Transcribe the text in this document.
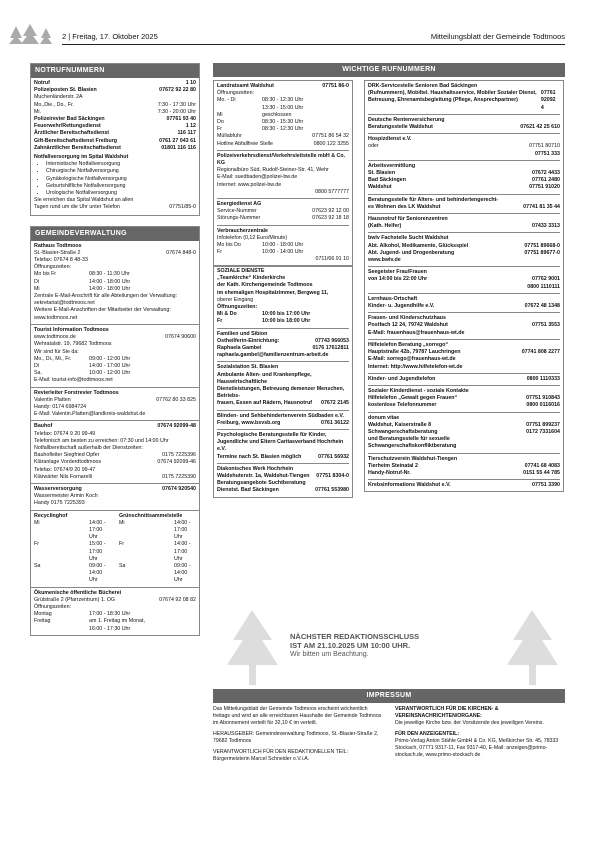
2 | Freitag, 17. Oktober 2025	Mitteilungsblatt der Gemeinde Todtmoos
NOTRUFNUMMERN
Notruf	1 10
Polizeiposten St. Blasien	07672 92 22 80
Muchenländerstr. 2A
Mo.,Die., Do., Fr.	7:30 - 17:30 Uhr
Mi.	7:30 - 20:00 Uhr
Polizeirevier Bad Säckingen	07761 93 40
Feuerwehr/Rettungsdienst	1 12
Ärztlicher Bereitschaftsdienst	116 117
Gift-Bereitschaftsdienst Freiburg	0761 27 043 61
Zahnärztlicher Bereitschaftsdienst	01801 116 116
Notfallversorgung im Spital Waldshut
• Internistische Notfallversorgung
• Chirurgische Notfallversorgung
• Gynäkologische Notfallversorgung
• Geburtshilfliche Notfallversorgung
• Urologische Notfallversorgung
Sie erreichen das Spital Waldshut an allen
Tagen rund um die Uhr unter Telefon	07751/85-0
GEMEINDEVERWALTUNG
Rathaus Todtmoos
St.-Blasier-Straße 2	07674 848-0
Telefax: 07674 8 48-33
Öffnungszeiten:
Mo bis Fr	08:30 - 11:30 Uhr
Di	14:00 - 18:00 Uhr
Mi	14:00 - 18:00 Uhr
Zentrale E-Mail-Anschrift für alle Abteilungen der Verwaltung: sekretariat@todtmoos.net
Weitere E-Mail-Anschriften der Mitarbeiter der Verwaltung: www.todtmoos.net
Tourist Information Todtmoos
www.todtmoos.de	07674 90600
Wehratalstr. 19, 79682 Todtmoos
Wir sind für Sie da:
Mo., Di., Mi., Fr.	09:00 - 12:00 Uhr
Di	14:00 - 17:00 Uhr
Sa.	10:00 - 12:00 Uhr
E-Mail: tourist-info@todtmoos.net
Revierleiter Forstrevier Todtmoos
Valentin Platten	07762 80 33 825
Handy: 0174 6984724
E-Mail: Valentin.Platten@landkreis-waldshut.de
Bauhof	07674 92099-48
Telefax: 07674 9 20 99-49
Telefonisch am besten zu erreichen: 07:30 und 14:00 Uhr
Notfallbereitschaft außerhalb der Dienstzeiten:
Bauhofleiter Siegfried Opfer	0175 7225396
Kläranlage Vorderdtodtmoos	07674 92099-46
Telefax: 07674/9 20 99-47
Klärwärter Nils Fornarelli	0175 7225390
Wasserversorgung	07674 920540
Wassermeister Armin Koch
Handy 0175 7225393
Recyclinghof
Mi	14:00 - 17:00 Uhr
Fr	15:00 - 17:00 Uhr
Sa	09:00 - 14:00 Uhr
Grünschnittsammelstelle
Mi	14:00 - 17:00 Uhr
Fr	14:00 - 17:00 Uhr
Sa	09:00 - 14:00 Uhr
Ökumenische öffentliche Bücherei
Grütstraße 2 (Pfarrzentrum) 1. OG	07674 92 08 82
Öffnungszeiten:
Montag	17:00 - 18:30 Uhr
Freitag	am 1. Freitag im Monat,
	16:00 - 17:30 Uhr
WICHTIGE RUFNUMMERN
Landratsamt Waldshut	07751 86-0
Öffnungszeiten:
Mo. - Di	08:30 - 12:30 Uhr
13:30 - 15:00 Uhr
Mi	geschlossen
Do	08:30 - 15:30 Uhr
Fr	08:30 - 12:30 Uhr
Müllabfuhr	07751 86 54 32
Hotline Abfallfreie Stelle	0800 122 3255
Polizeiverkehrsdienst/Verkehrsleitstelle mbH & Co. KG
Regionalbüro Süd, Rudolf-Steiner-Str. 41, Wehr
E-Mail: suedbaden@polizei-bw.de
Internet: www.polizei-bw.de
0800 5777777
Energiedienst AG
Service-Nummer	07623 92 12 00
Störungs-Nummer	07623 92 18 18
Verbraucherzentrale
Infotelefon (0,12 Euro/Minute)
Mo bis Do	10:00 - 18:00 Uhr
Fr	10:00 - 14:00 Uhr
0711/66 91 10
SOZIALE DIENSTE
„Teamkirche“ Kinderkirche
der Kath. Kirchengemeinde Todtmoos
im ehemaligen Hospitalzimmer, Bergweg 11,
oberer Eingang
Öffnungszeiten:
Mi & Do	10:00 bis 17:00 Uhr
Fr	10:00 bis 18:00 Uhr
Familien und Sibion
Ostheilferin-Einrichtung:	07743 966053
Raphaela Gambel	0176 17612811
raphaela.gambel@familienzentrum-arbeit.de
Sozialstation St. Blasien
Ambulante Alten- und Krankenpflege, Hauswirtschaftliche
Dienstleistungen, Betreuung demenzer Menschen, Betriebs-
frauen, Essen auf Rädern, Hausnotruf 07672 2145
Blinden- und Sehbehindertenverein Südbaden e.V.
Freiburg, www.bsvsb.org	0761 36122
Psychologische Beratungsstelle für Kinder,
Jugendliche und Eltern Caritasverband Hochrhein e.V.
Termine nach St. Blasien möglich	07761 56932
Diakonisches Werk Hochrhein
Waldshuterstr. 1a, Waldshut-Tiengen 07751 8304-0
Beratungsangebote Suchtberatung
Dienstst. Bad Säckingen	07761 553980
DRK-Servicestelle Senioren Bad Säckingen
(Rufnummern), Mobiltel. Haushaltsservice, Mobiler Sozialer Dienst, Betreuung, Ehrenamtsbegleitung (Pflege, Ansprechpartner)
07761 92092 4
Deutsche Rentenversicherung
Beratungsstelle Waldshut	07621 42 25 610
Hospizdienst e.V.
oder	07751 80710
07751 333
Arbeitsvermittlung
St. Blasien	07672 4433
Bad Säckingen	07761 2480
Waldshut	07751 91020
Beratungsstelle für Alters- und behindertengerecht-
es Wohnen des LK Waldshut	07741 81 35 44
Hausnotruf für Seniorenzentren
(Kath. Helfer)	07433 3313
bwlv Fachstelle Sucht Waldshut
Abt. Alkohol, Medikamente, Glücksspiel	07751 89668-0
Abt. Jugend- und Drogenberatung	07751 89677-0
www.bwlv.de
Seegeister Frau/Frauen
von 14:00 bis 22:00 Uhr	07762 9001
0800 1110111
Lernhaus-Ortschaft
Kinder- u. Jugendhilfe e.V.	07672 48 1348
Frauen- und Kinderschutzhaus
Postfach 12 24, 79742 Waldshut	07751 3553
E-Mail: frauenhaus@frauenhaus-wt.de
Hilfetelefon Beratung „sorrego“
Hauptstraße 42b, 79787 Lauchringen	07741 808 2277
E-Mail: sorrego@frauenhaus-wt.de
Internet: http://www.hilfetelefon-wt.de
Kinder- und Jugendtelefon	0800 1110333
Sozialer Kinderdienst - soziale Kontakte
Hilfetelefon „Gewalt gegen Frauen“	07751 910843
kostenlose Telefonnummer	0800 0116016
donum vitae
Waldshut, Kaiserstraße 8	07751 899237
Schwangerschaftsberatung	0172 7331604
und Beratungsstelle für sexuelle
Schwangerschaftskonfliktberatung
Tierschutzverein Waldshut-Tiengen
Tierheim Steinatal 2	07741 68 4083
Handy-Notruf-Nr.	0151 55 44 785
Krebsinformations Waldshut e.V.	07751 3390
NÄCHSTER REDAKTIONSSCHLUSS
IST AM 21.10.2025 UM 10:00 UHR.
Wir bitten um Beachtung.
IMPRESSUM
Das Mitteilungsblatt der Gemeinde Todtmoos erscheint wöchentlich freitags und wird an alle erreichbaren Haushalte der Gemeinde Todtmoos im Abonnement verteilt für 32,10 € im verteilt.
HERAUSGEBER: Gemeindeverwaltung Todtmoos, St.-Blasier-Straße 2, 79682 Todtmoos
VERANTWORTLICH FÜR DEN REDAKTIONELLEN TEIL: Bürgermeisterin Marcel Schneider o.V.i.A.
VERANTWORTLICH FÜR DIE KIRCHEN- & VEREINSNACHRICHTEN/ORGANE:
Die jeweilige Kirche bzw. der Vorsitzende des jeweiligen Vereins.
FÜR DEN ANZEIGENTEIL:
Primo-Verlag Anton Stähle GmbH & Co. KG, Meßkircher Str. 45, 78333 Stockach, 07771 9317-11, Fax 9317-40, E-Mail: anzeigen@primo-stockach.de, www.primo-stockach.de
